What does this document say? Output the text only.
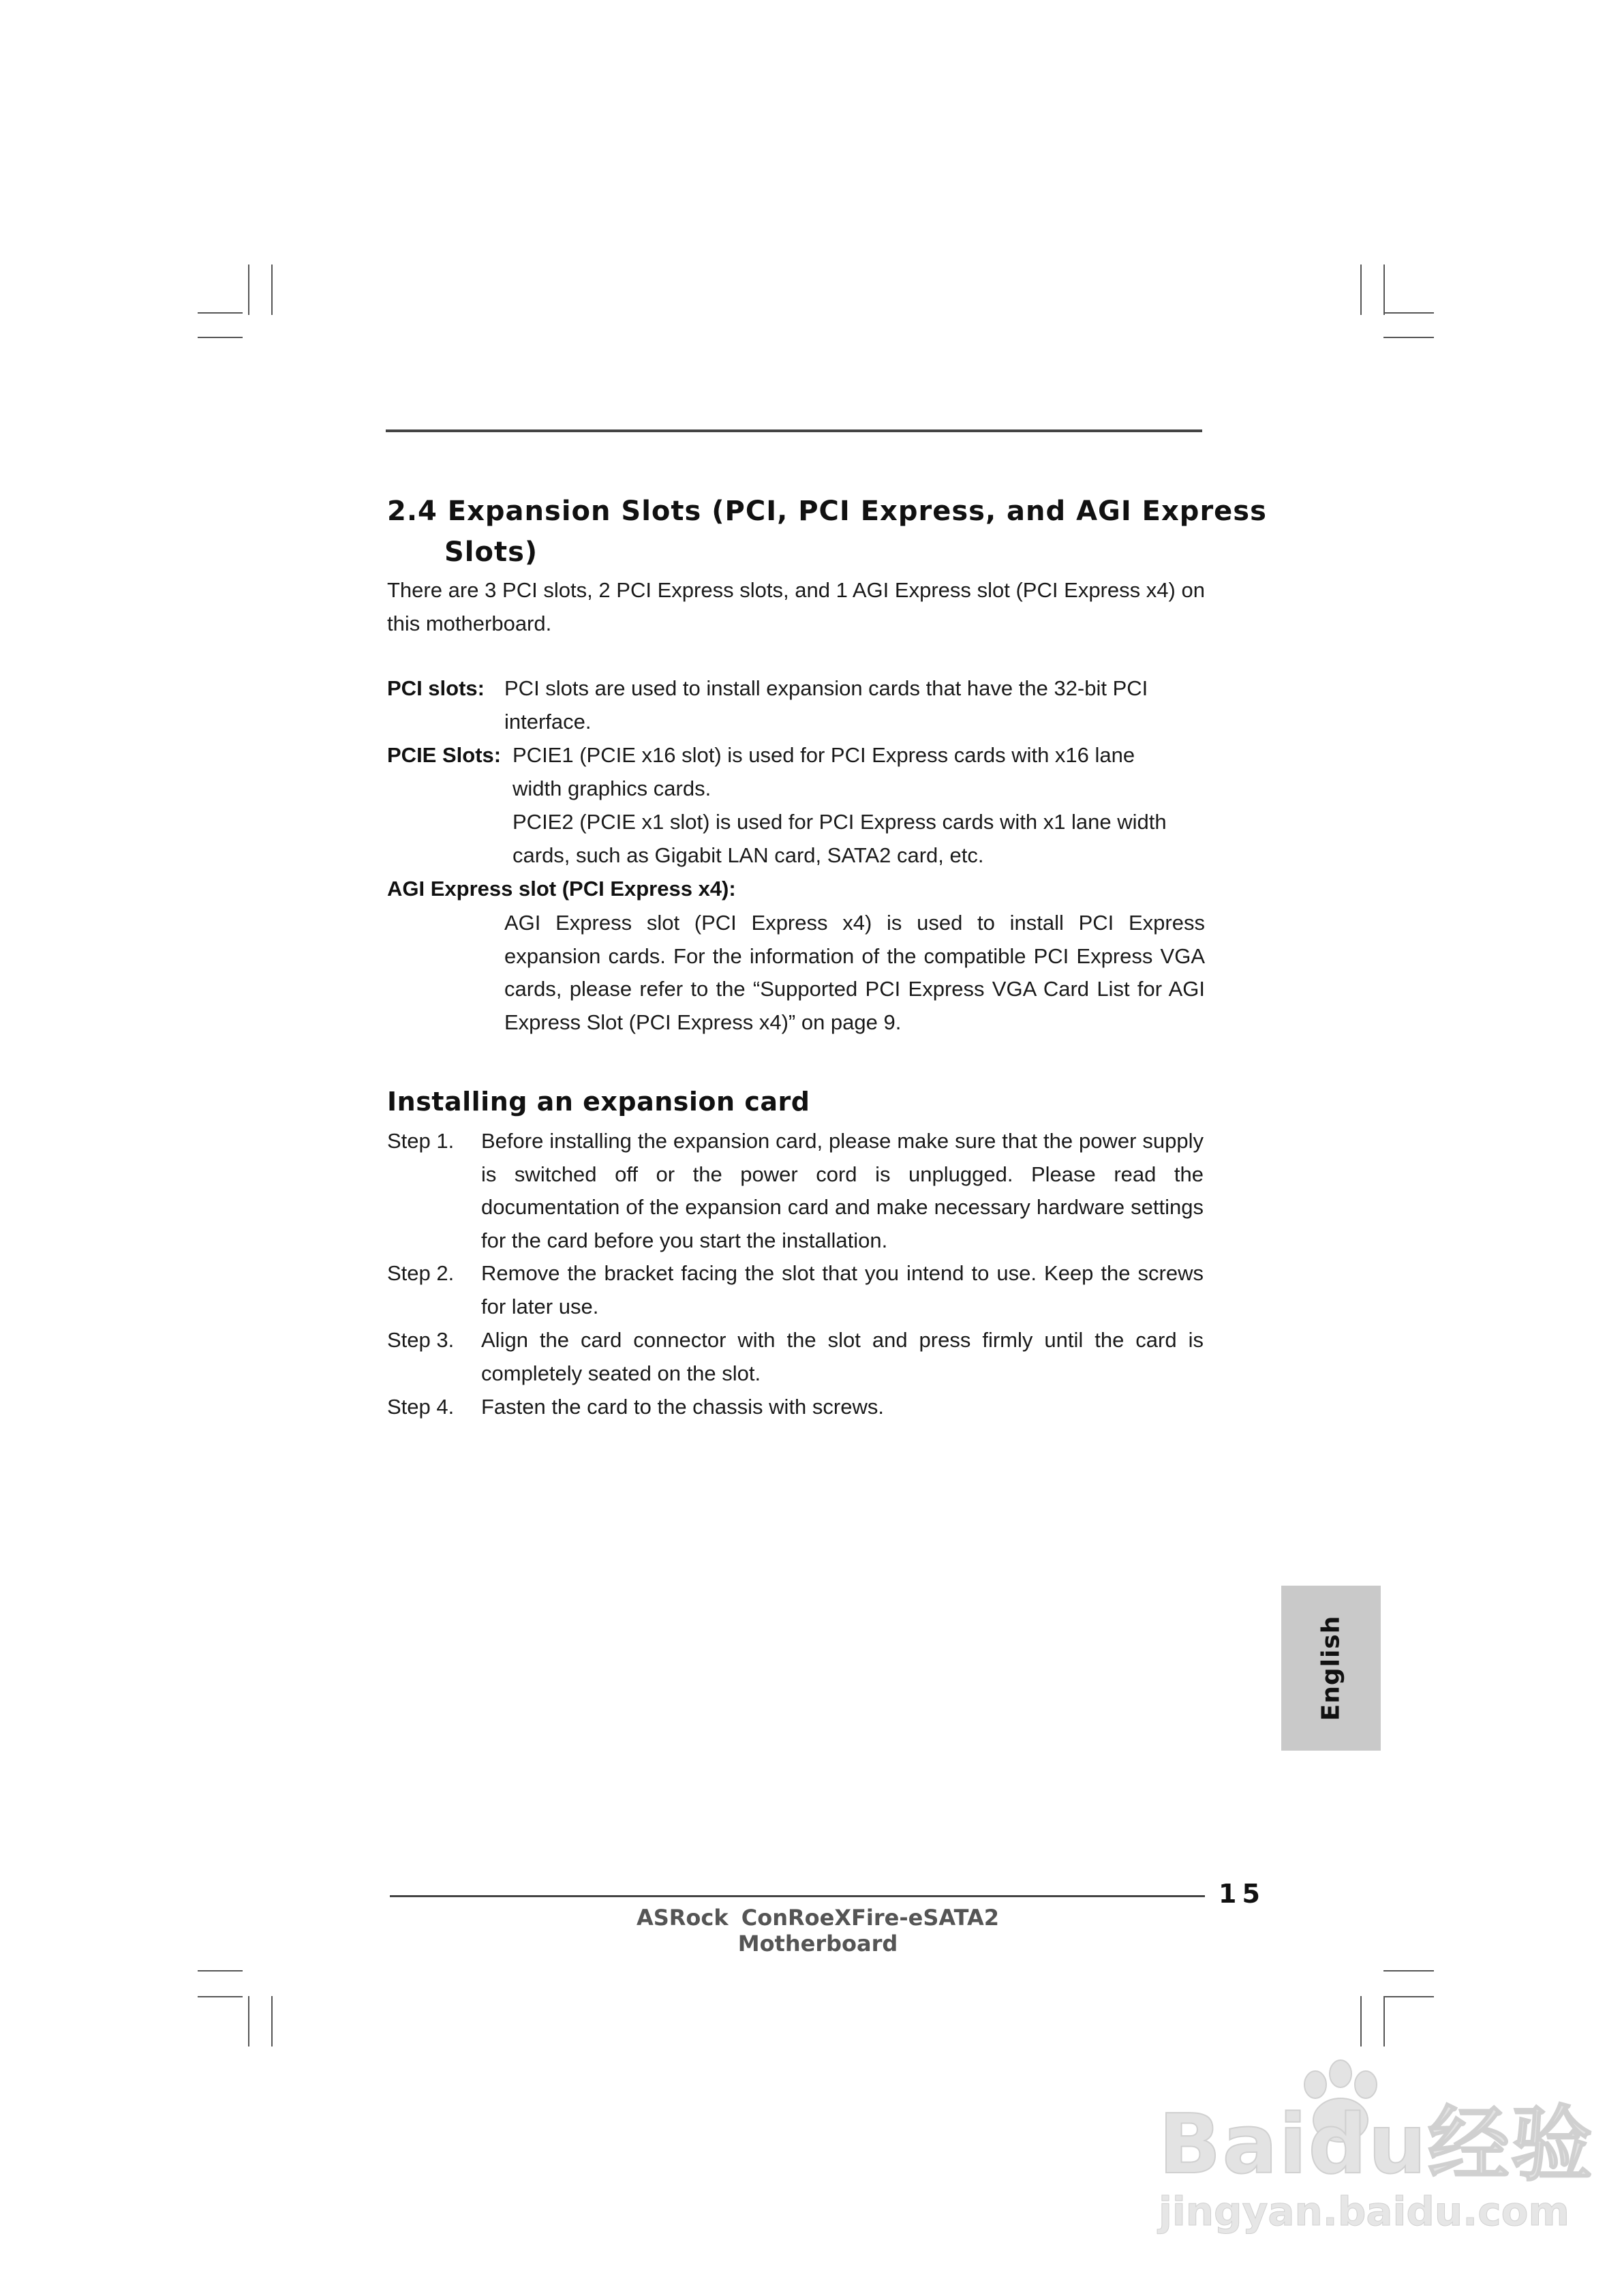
2.4 Expansion Slots (PCI, PCI Express, and AGI Express
Slots)
There are 3 PCI slots, 2 PCI Express slots, and 1 AGI Express slot (PCI Express x4) on this motherboard.
PCI slots: PCI slots are used to install expansion cards that have the 32-bit PCI interface.
PCIE Slots: PCIE1 (PCIE x16 slot) is used for PCI Express cards with x16 lane width graphics cards.
PCIE2 (PCIE x1 slot) is used for PCI Express cards with x1 lane width cards, such as Gigabit LAN card, SATA2 card, etc.
AGI Express slot (PCI Express x4):
AGI Express slot (PCI Express x4) is used to install PCI Express expansion cards. For the information of the compatible PCI Express VGA cards, please refer to the “Supported PCI Express VGA Card List for AGI Express Slot (PCI Express x4)” on page 9.
Installing an expansion card
Step 1. Before installing the expansion card, please make sure that the power supply is switched off or the power cord is unplugged. Please read the documentation of the expansion card and make necessary hardware settings for the card before you start the installation.
Step 2. Remove the bracket facing the slot that you intend to use. Keep the screws for later use.
Step 3. Align the card connector with the slot and press firmly until the card is completely seated on the slot.
Step 4. Fasten the card to the chassis with screws.
English
15
ASRock ConRoeXFire-eSATA2 Motherboard
Baidu经验
jingyan.baidu.com
